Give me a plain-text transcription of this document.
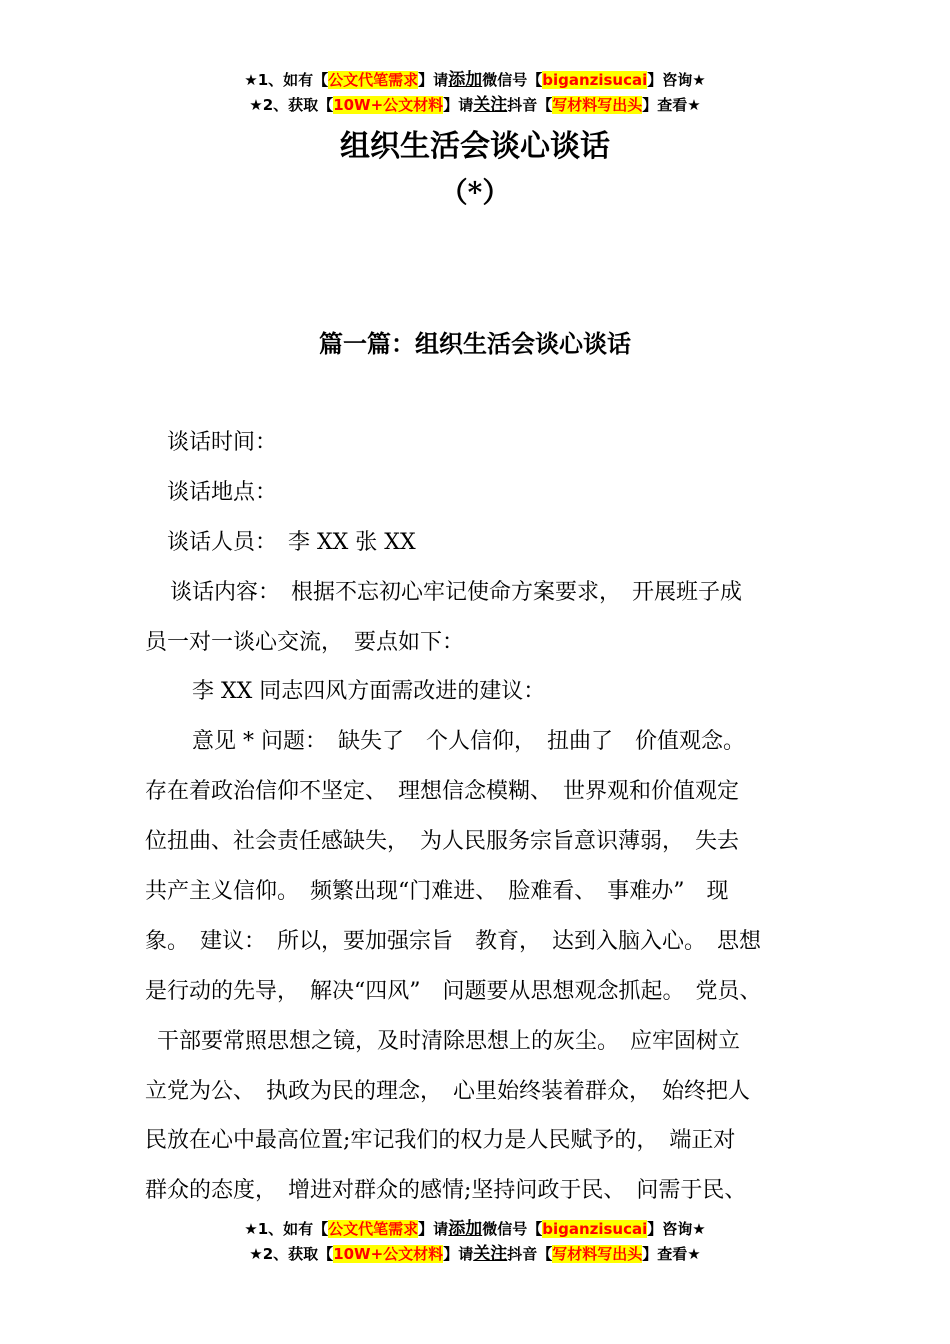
★1、如有【公文代笔需求】请添加微信号【biganzisucai】咨询★
★2、获取【10W+公文材料】请关注抖音【写材料写出头】查看★
组织生活会谈心谈话
（*）
篇一篇：组织生活会谈心谈话
谈话时间：
谈话地点：
谈话人员：　李 XX 张 XX
谈话内容：　根据不忘初心牢记使命方案要求，　开展班子成
员一对一谈心交流，　要点如下：
李 XX 同志四风方面需改进的建议：
意见 * 问题：　缺失了　个人信仰，　扭曲了　价值观念。
存在着政治信仰不坚定、　理想信念模糊、　世界观和价值观定
位扭曲、社会责任感缺失，　为人民服务宗旨意识薄弱，　失去
共产主义信仰。　频繁出现“门难进、　脸难看、　事难办”　现
象。　建议：　所以，要加强宗旨　教育，　达到入脑入心。　思想
是行动的先导，　解决“四风”　问题要从思想观念抓起。　党员、
干部要常照思想之镜，及时清除思想上的灰尘。　应牢固树立
立党为公、　执政为民的理念，　心里始终装着群众，　始终把人
民放在心中最高位置;牢记我们的权力是人民赋予的，　端正对
群众的态度，　增进对群众的感情;坚持问政于民、　问需于民、
★1、如有【公文代笔需求】请添加微信号【biganzisucai】咨询★
★2、获取【10W+公文材料】请关注抖音【写材料写出头】查看★
